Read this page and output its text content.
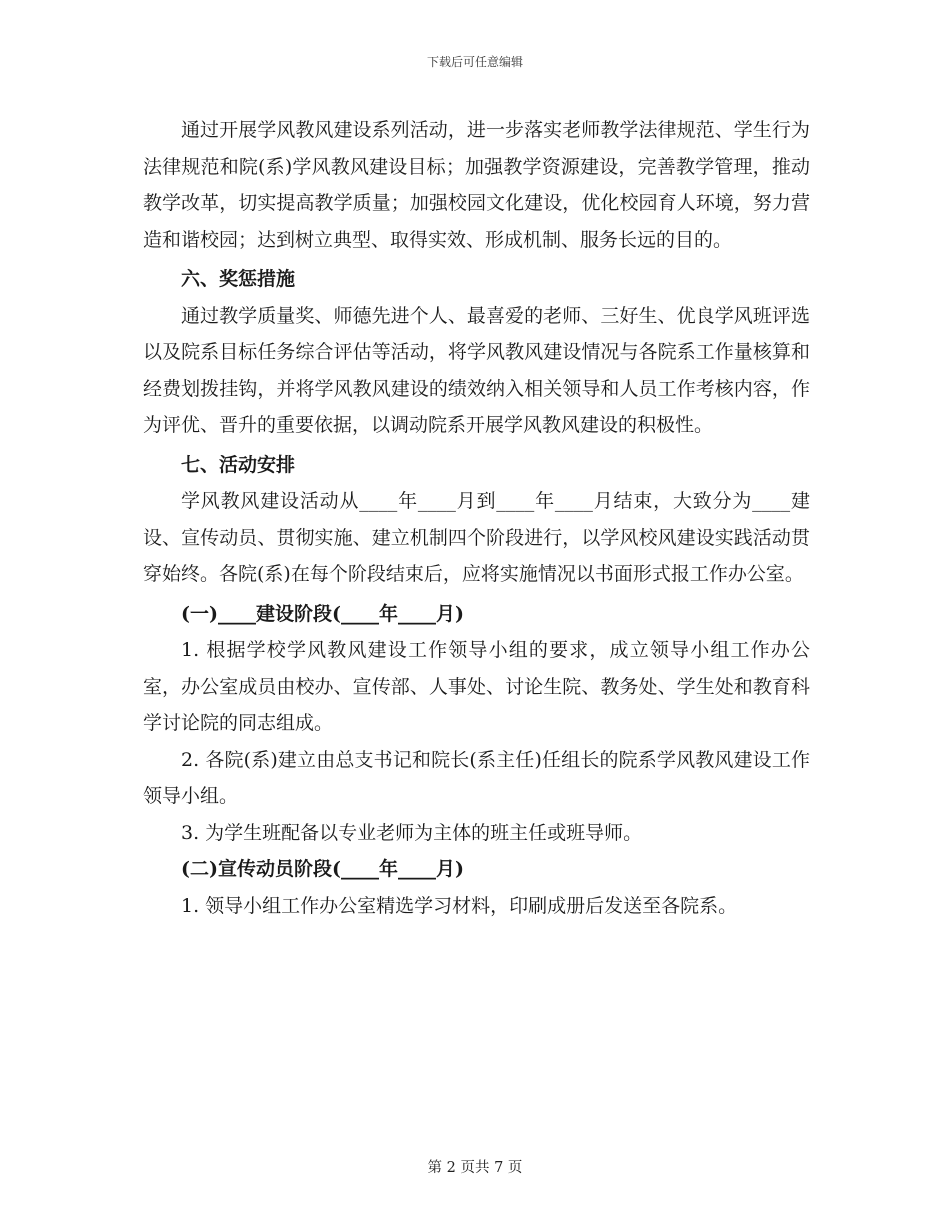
下载后可任意编辑

通过开展学风教风建设系列活动，进一步落实老师教学法律规范、学生行为法律规范和院(系)学风教风建设目标；加强教学资源建设，完善教学管理，推动教学改革，切实提高教学质量；加强校园文化建设，优化校园育人环境，努力营造和谐校园；达到树立典型、取得实效、形成机制、服务长远的目的。

六、奖惩措施

通过教学质量奖、师德先进个人、最喜爱的老师、三好生、优良学风班评选以及院系目标任务综合评估等活动，将学风教风建设情况与各院系工作量核算和经费划拨挂钩，并将学风教风建设的绩效纳入相关领导和人员工作考核内容，作为评优、晋升的重要依据，以调动院系开展学风教风建设的积极性。

七、活动安排

学风教风建设活动从____年____月到____年____月结束，大致分为____建设、宣传动员、贯彻实施、建立机制四个阶段进行，以学风校风建设实践活动贯穿始终。各院(系)在每个阶段结束后，应将实施情况以书面形式报工作办公室。

(一)____建设阶段(____年____月)

1. 根据学校学风教风建设工作领导小组的要求，成立领导小组工作办公室，办公室成员由校办、宣传部、人事处、讨论生院、教务处、学生处和教育科学讨论院的同志组成。

2. 各院(系)建立由总支书记和院长(系主任)任组长的院系学风教风建设工作领导小组。

3. 为学生班配备以专业老师为主体的班主任或班导师。

(二)宣传动员阶段(____年____月)

1. 领导小组工作办公室精选学习材料，印刷成册后发送至各院系。

第 2 页共 7 页
